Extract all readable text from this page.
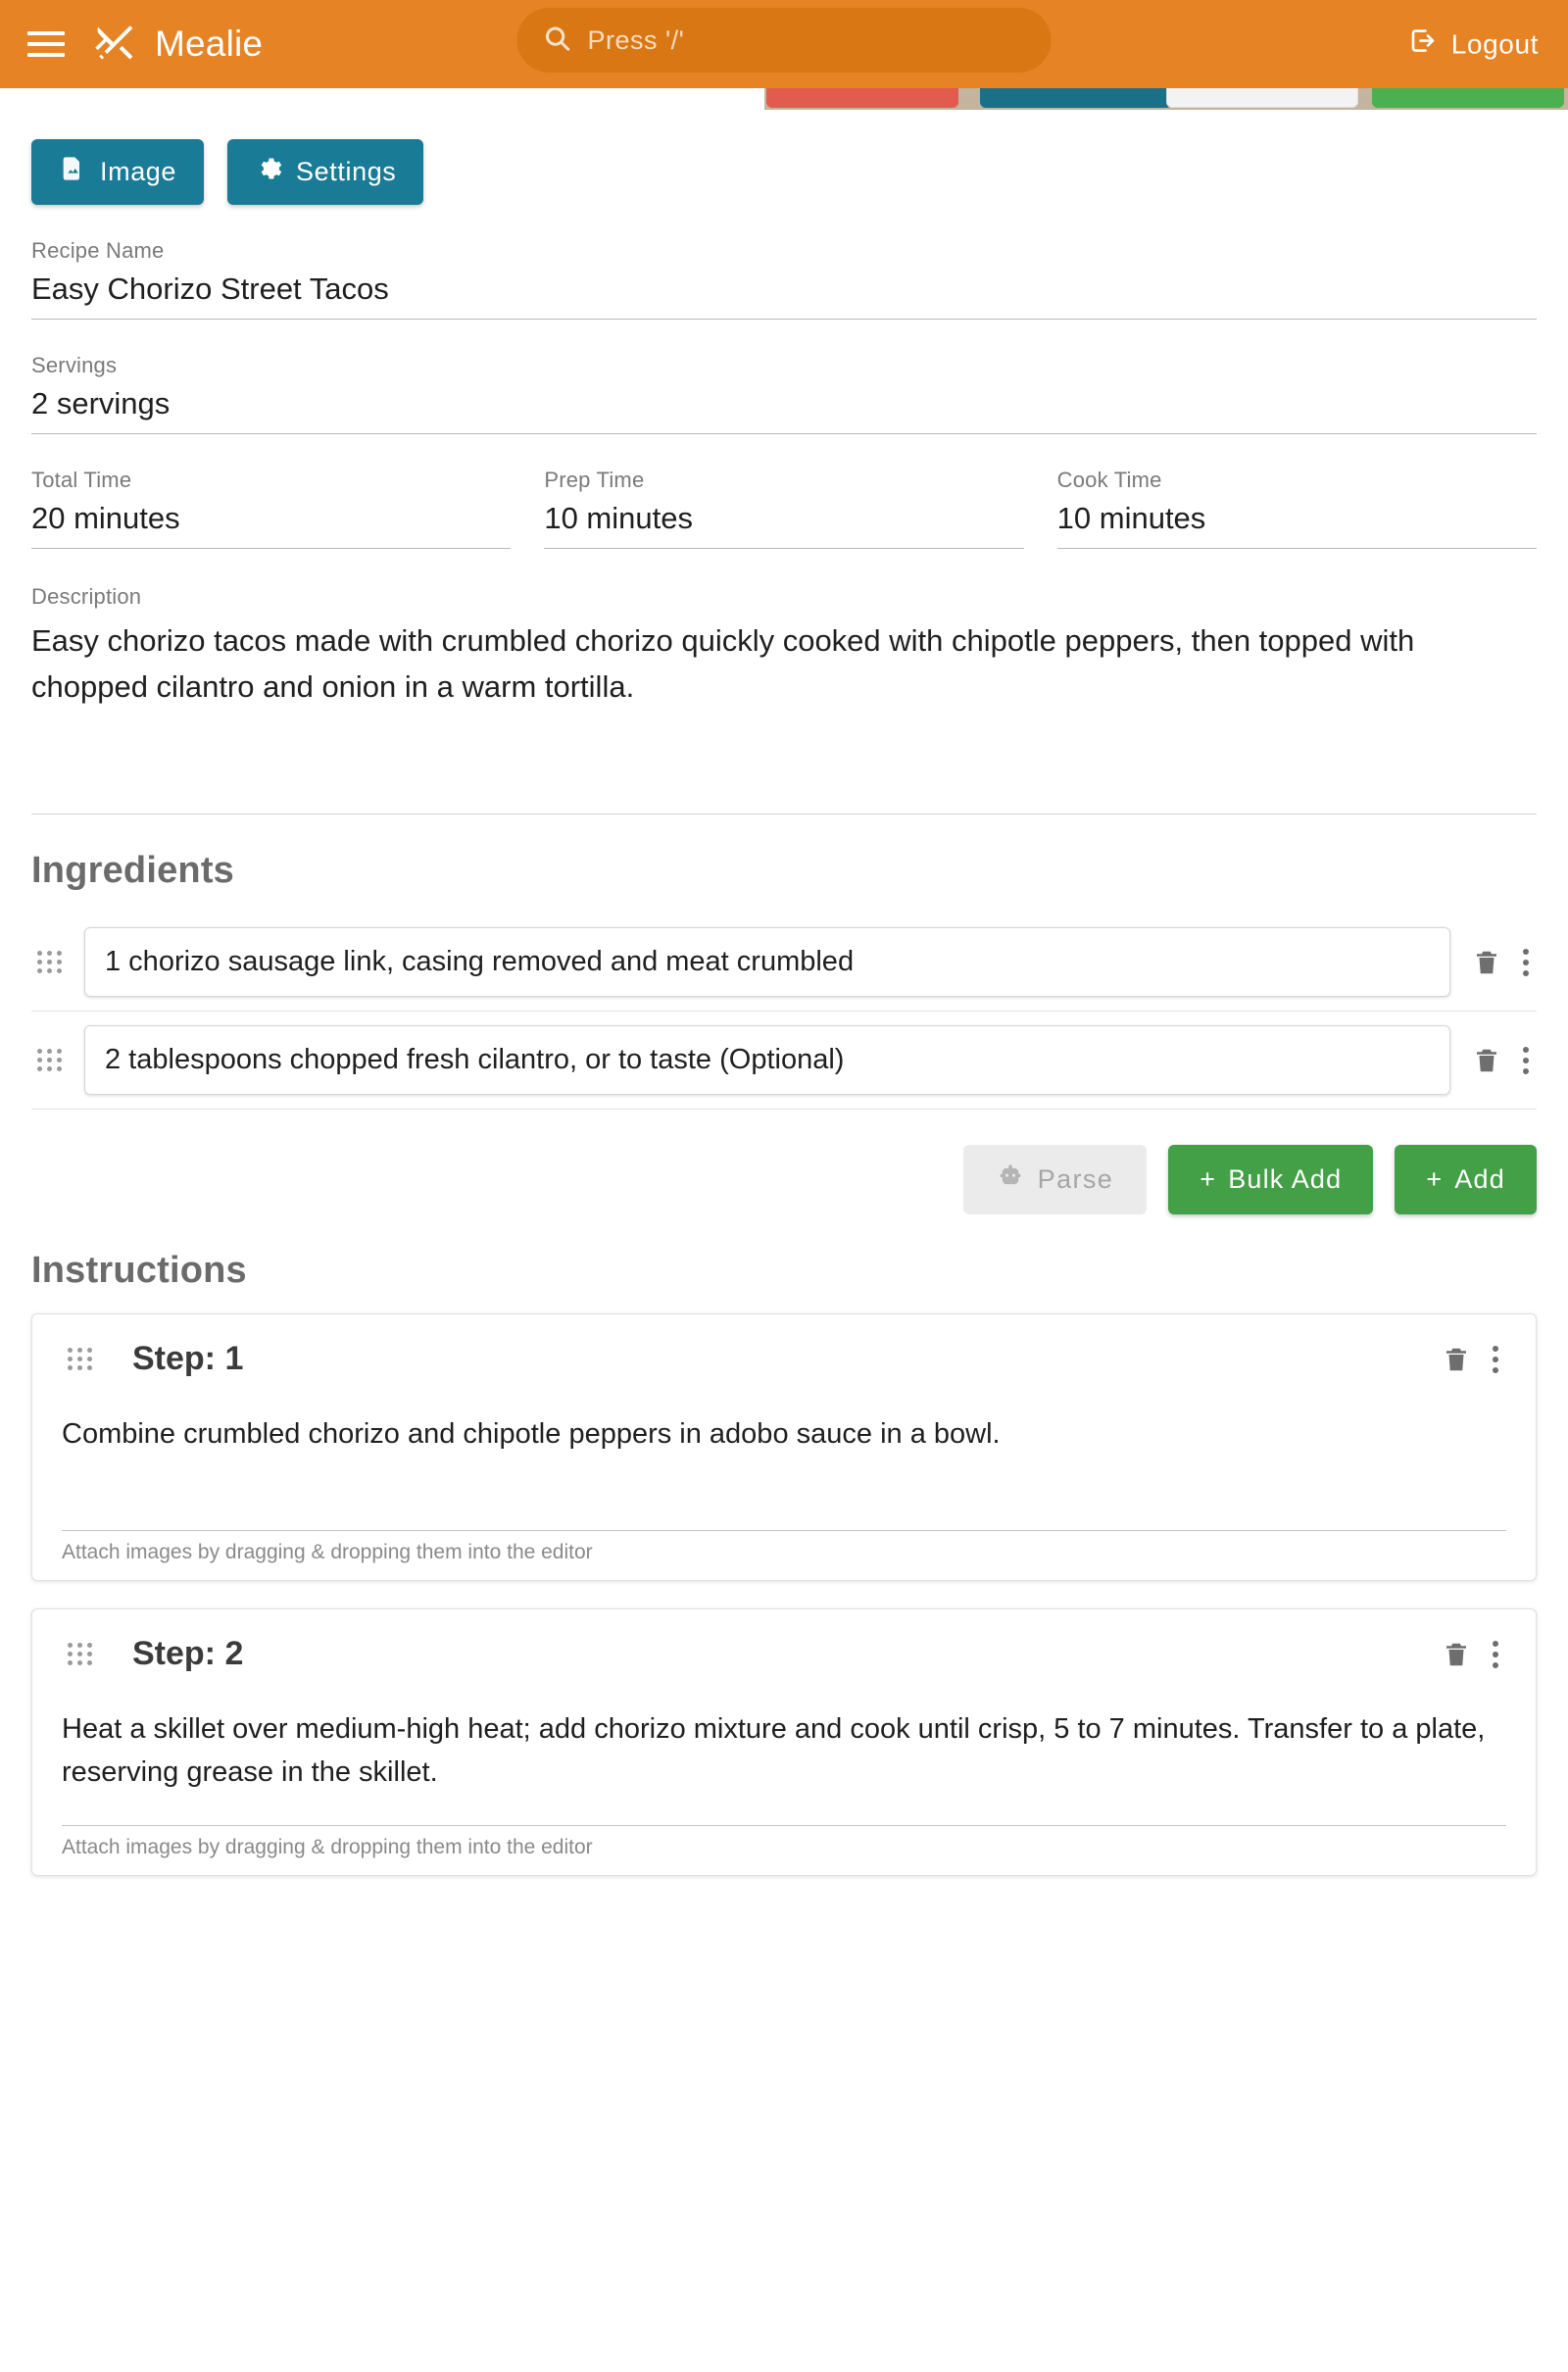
Mealie	Press '/'	Logout
Image	Settings
Recipe Name
Easy Chorizo Street Tacos
Servings
2 servings
Total Time
20 minutes
Prep Time
10 minutes
Cook Time
10 minutes
Description
Easy chorizo tacos made with crumbled chorizo quickly cooked with chipotle peppers, then topped with chopped cilantro and onion in a warm tortilla.
Ingredients
1 chorizo sausage link, casing removed and meat crumbled
2 tablespoons chopped fresh cilantro, or to taste (Optional)
Parse	+ Bulk Add	+ Add
Instructions
Step: 1
Combine crumbled chorizo and chipotle peppers in adobo sauce in a bowl.
Attach images by dragging & dropping them into the editor
Step: 2
Heat a skillet over medium-high heat; add chorizo mixture and cook until crisp, 5 to 7 minutes. Transfer to a plate, reserving grease in the skillet.
Attach images by dragging & dropping them into the editor
